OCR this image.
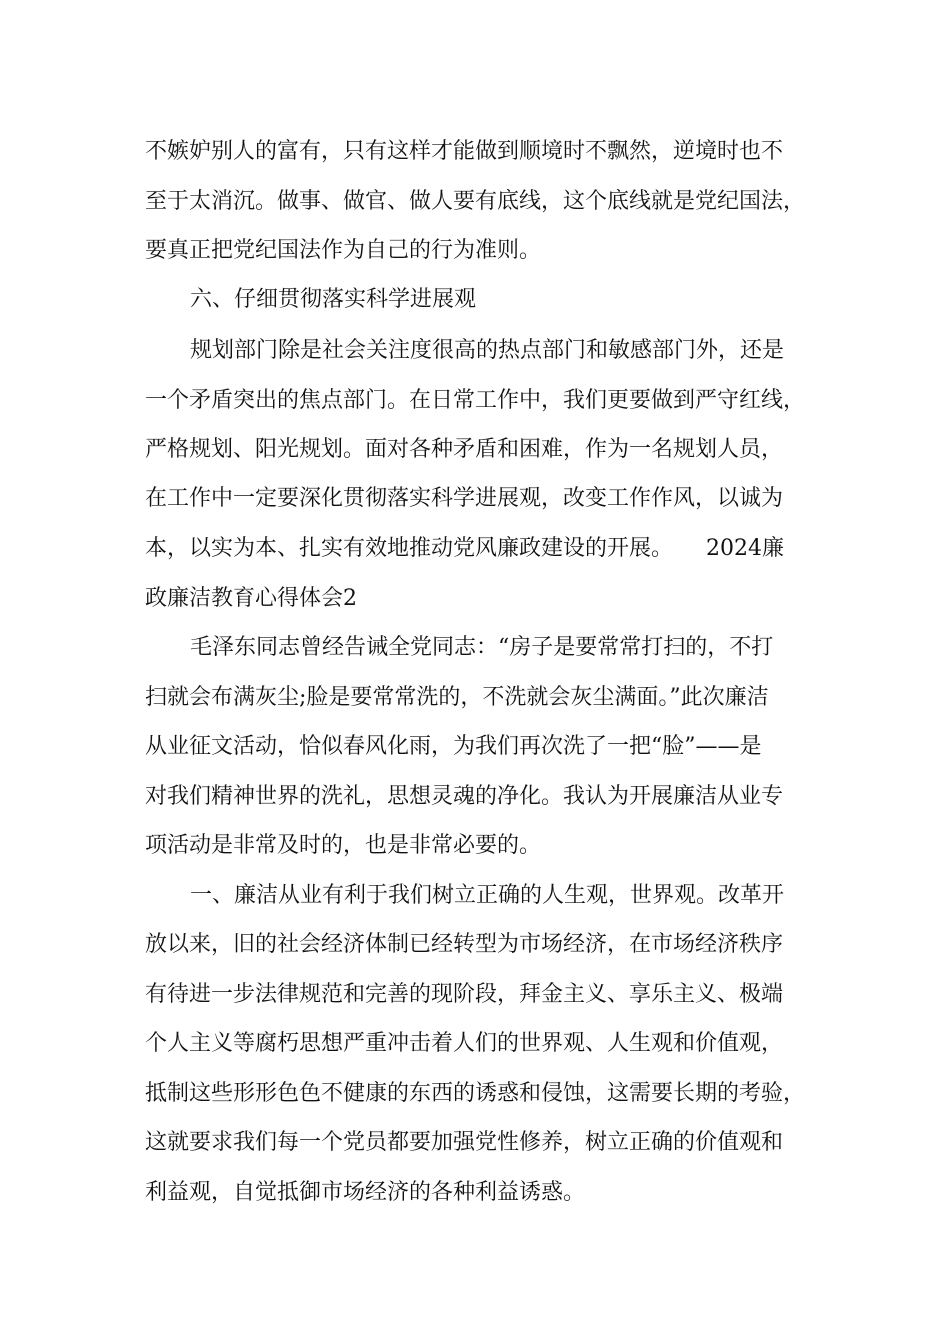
不嫉妒别人的富有，只有这样才能做到顺境时不飘然，逆境时也不
至于太消沉。做事、做官、做人要有底线，这个底线就是党纪国法，
要真正把党纪国法作为自己的行为准则。
六、仔细贯彻落实科学进展观
规划部门除是社会关注度很高的热点部门和敏感部门外，还是
一个矛盾突出的焦点部门。在日常工作中，我们更要做到严守红线，
严格规划、阳光规划。面对各种矛盾和困难，作为一名规划人员，
在工作中一定要深化贯彻落实科学进展观，改变工作作风，以诚为
本，以实为本、扎实有效地推动党风廉政建设的开展。　　2024廉
政廉洁教育心得体会2
毛泽东同志曾经告诫全党同志：“房子是要常常打扫的，不打
扫就会布满灰尘;脸是要常常洗的，不洗就会灰尘满面。”此次廉洁
从业征文活动，恰似春风化雨，为我们再次洗了一把“脸”——是
对我们精神世界的洗礼，思想灵魂的净化。我认为开展廉洁从业专
项活动是非常及时的，也是非常必要的。
一、廉洁从业有利于我们树立正确的人生观，世界观。改革开
放以来，旧的社会经济体制已经转型为市场经济，在市场经济秩序
有待进一步法律规范和完善的现阶段，拜金主义、享乐主义、极端
个人主义等腐朽思想严重冲击着人们的世界观、人生观和价值观，
抵制这些形形色色不健康的东西的诱惑和侵蚀，这需要长期的考验，
这就要求我们每一个党员都要加强党性修养，树立正确的价值观和
利益观，自觉抵御市场经济的各种利益诱惑。
